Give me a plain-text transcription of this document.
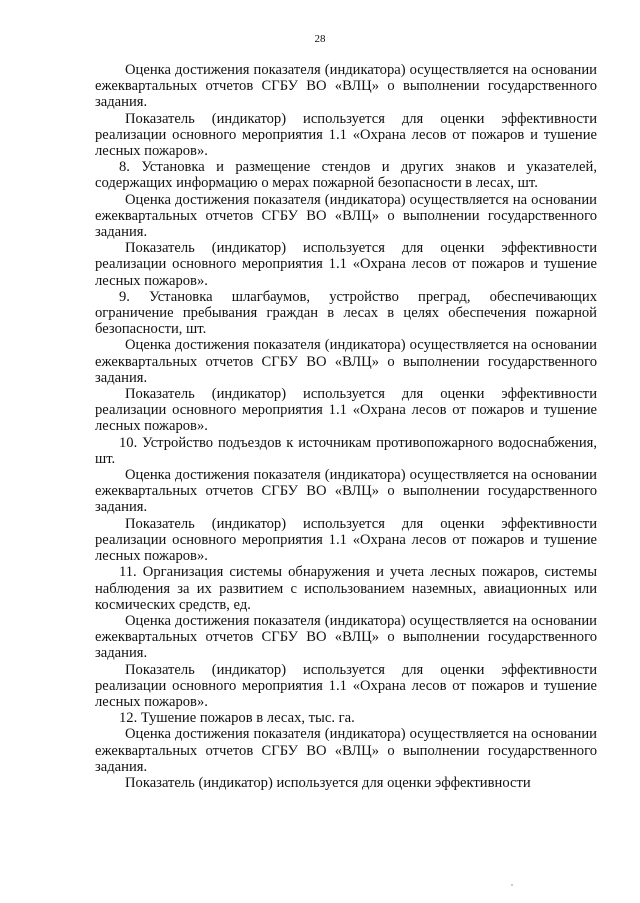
28

Оценка достижения показателя (индикатора) осуществляется на основании ежеквартальных отчетов СГБУ ВО «ВЛЦ» о выполнении государственного задания.

Показатель (индикатор) используется для оценки эффективности реализации основного мероприятия 1.1 «Охрана лесов от пожаров и тушение лесных пожаров».

8. Установка и размещение стендов и других знаков и указателей, содержащих информацию о мерах пожарной безопасности в лесах, шт.

Оценка достижения показателя (индикатора) осуществляется на основании ежеквартальных отчетов СГБУ ВО «ВЛЦ» о выполнении государственного задания.

Показатель (индикатор) используется для оценки эффективности реализации основного мероприятия 1.1 «Охрана лесов от пожаров и тушение лесных пожаров».

9. Установка шлагбаумов, устройство преград, обеспечивающих ограничение пребывания граждан в лесах в целях обеспечения пожарной безопасности, шт.

Оценка достижения показателя (индикатора) осуществляется на основании ежеквартальных отчетов СГБУ ВО «ВЛЦ» о выполнении государственного задания.

Показатель (индикатор) используется для оценки эффективности реализации основного мероприятия 1.1 «Охрана лесов от пожаров и тушение лесных пожаров».

10. Устройство подъездов к источникам противопожарного водоснабжения, шт.

Оценка достижения показателя (индикатора) осуществляется на основании ежеквартальных отчетов СГБУ ВО «ВЛЦ» о выполнении государственного задания.

Показатель (индикатор) используется для оценки эффективности реализации основного мероприятия 1.1 «Охрана лесов от пожаров и тушение лесных пожаров».

11. Организация системы обнаружения и учета лесных пожаров, системы наблюдения за их развитием с использованием наземных, авиационных или космических средств, ед.

Оценка достижения показателя (индикатора) осуществляется на основании ежеквартальных отчетов СГБУ ВО «ВЛЦ» о выполнении государственного задания.

Показатель (индикатор) используется для оценки эффективности реализации основного мероприятия 1.1 «Охрана лесов от пожаров и тушение лесных пожаров».

12. Тушение пожаров в лесах, тыс. га.

Оценка достижения показателя (индикатора) осуществляется на основании ежеквартальных отчетов СГБУ ВО «ВЛЦ» о выполнении государственного задания.

Показатель (индикатор) используется для оценки эффективности
